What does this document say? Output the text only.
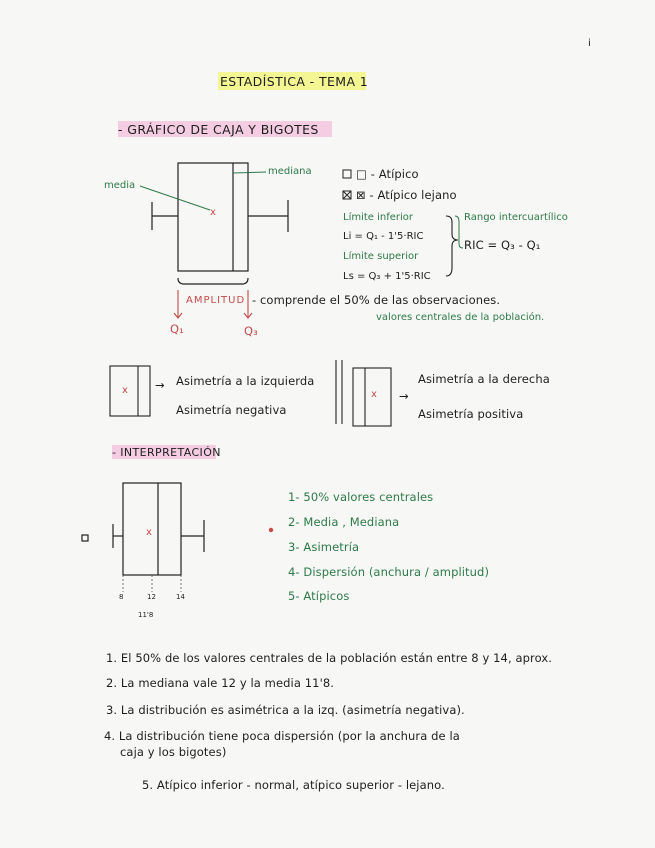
i
ESTADÍSTICA - TEMA 1
- GRÁFICO DE CAJA Y BIGOTES
mediana
media
x
□ - Atípico
⊠ - Atípico lejano
Límite inferior
Li = Q₁ - 1'5·RIC
Límite superior
Ls = Q₃ + 1'5·RIC
Rango intercuartílico
RIC = Q₃ - Q₁
AMPLITUD - comprende el 50% de las observaciones.
valores centrales de la población.
Q₁	Q₃
x → Asimetría a la izquierda
Asimetría negativa
x →
Asimetría a la derecha
Asimetría positiva
- INTERPRETACIÓN
x
1- 50% valores centrales
2- Media , Mediana
3- Asimetría
4- Dispersión (anchura / amplitud)
5- Atípicos
8	12	14
11'8
1. El 50% de los valores centrales de la población están entre 8 y 14, aprox.
2. La mediana vale 12 y la media 11'8.
3. La distribución es asimétrica a la izq. (asimetría negativa).
4. La distribución tiene poca dispersión (por la anchura de la
caja y los bigotes)
5. Atípico inferior - normal, atípico superior - lejano.
